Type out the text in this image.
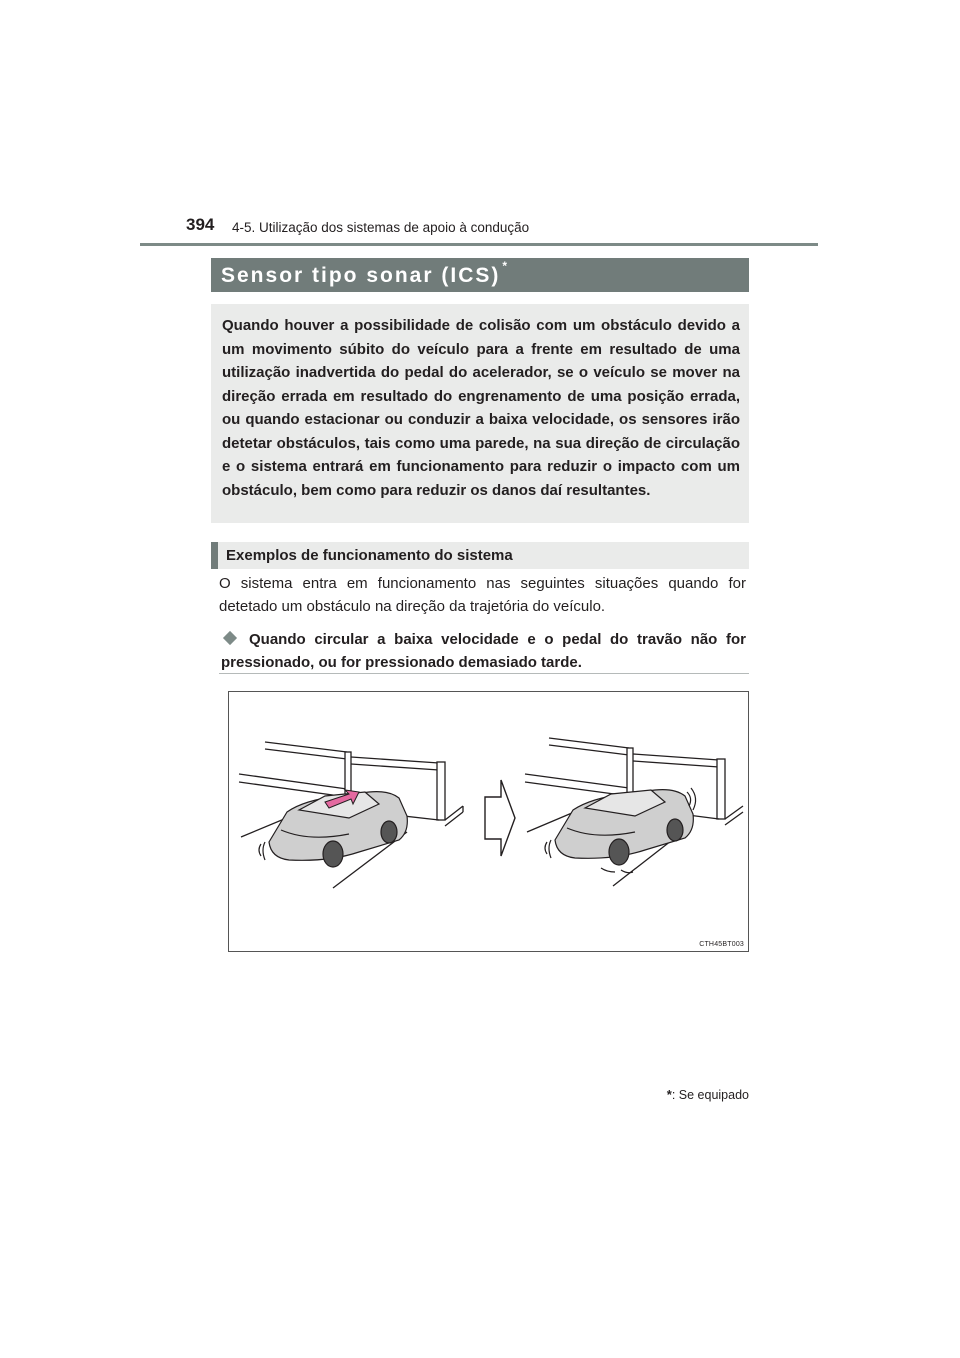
394 4-5. Utilização dos sistemas de apoio à condução
Sensor tipo sonar (ICS) *

Quando houver a possibilidade de colisão com um obstáculo devido a um movimento súbito do veículo para a frente em resultado de uma utilização inadvertida do pedal do acelerador, se o veículo se mover na direção errada em resultado do engrenamento de uma posição errada, ou quando estacionar ou conduzir a baixa velocidade, os sensores irão detetar obstáculos, tais como uma parede, na sua direção de circulação e o sistema entrará em funcionamento para reduzir o impacto com um obstáculo, bem como para reduzir os danos daí resultantes.

Exemplos de funcionamento do sistema

O sistema entra em funcionamento nas seguintes situações quando for detetado um obstáculo na direção da trajetória do veículo.

Quando circular a baixa velocidade e o pedal do travão não for pressionado, ou for pressionado demasiado tarde.

CTH45BT003
*: Se equipado
